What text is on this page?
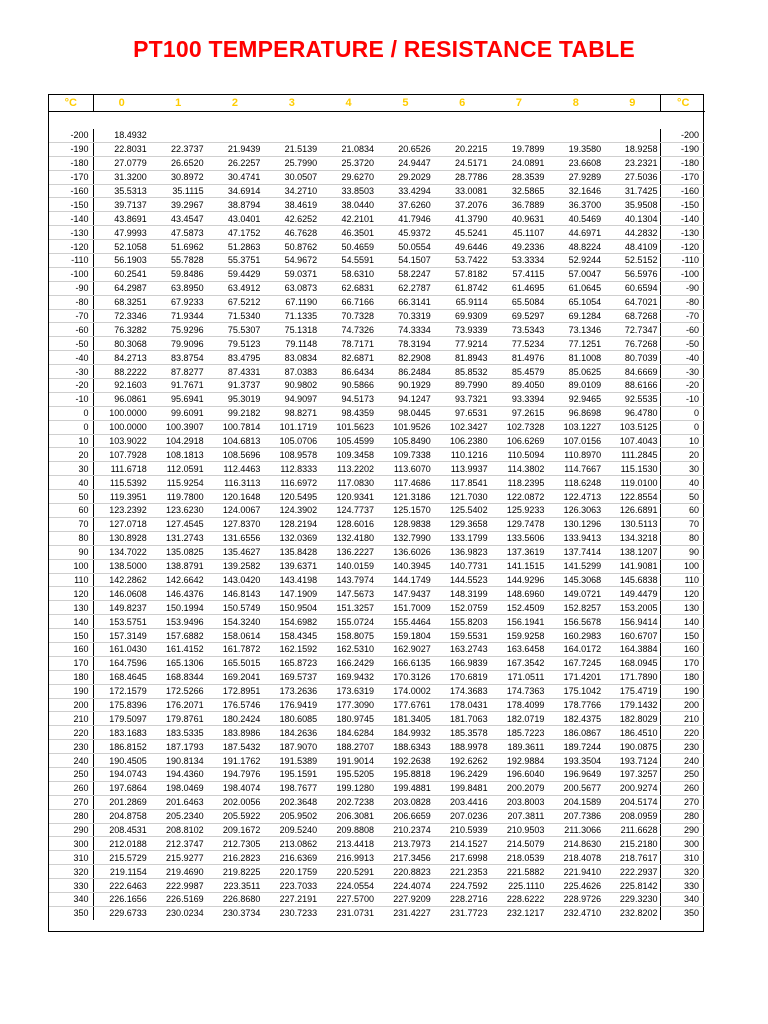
PT100 TEMPERATURE / RESISTANCE TABLE
°C	0	1	2	3	4	5	6	7	8	9	°C

-200	18.4932										-200
-190	22.8031	22.3737	21.9439	21.5139	21.0834	20.6526	20.2215	19.7899	19.3580	18.9258	-190
-180	27.0779	26.6520	26.2257	25.7990	25.3720	24.9447	24.5171	24.0891	23.6608	23.2321	-180
-170	31.3200	30.8972	30.4741	30.0507	29.6270	29.2029	28.7786	28.3539	27.9289	27.5036	-170
-160	35.5313	35.1115	34.6914	34.2710	33.8503	33.4294	33.0081	32.5865	32.1646	31.7425	-160
-150	39.7137	39.2967	38.8794	38.4619	38.0440	37.6260	37.2076	36.7889	36.3700	35.9508	-150
-140	43.8691	43.4547	43.0401	42.6252	42.2101	41.7946	41.3790	40.9631	40.5469	40.1304	-140
-130	47.9993	47.5873	47.1752	46.7628	46.3501	45.9372	45.5241	45.1107	44.6971	44.2832	-130
-120	52.1058	51.6962	51.2863	50.8762	50.4659	50.0554	49.6446	49.2336	48.8224	48.4109	-120
-110	56.1903	55.7828	55.3751	54.9672	54.5591	54.1507	53.7422	53.3334	52.9244	52.5152	-110
-100	60.2541	59.8486	59.4429	59.0371	58.6310	58.2247	57.8182	57.4115	57.0047	56.5976	-100
-90	64.2987	63.8950	63.4912	63.0873	62.6831	62.2787	61.8742	61.4695	61.0645	60.6594	-90
-80	68.3251	67.9233	67.5212	67.1190	66.7166	66.3141	65.9114	65.5084	65.1054	64.7021	-80
-70	72.3346	71.9344	71.5340	71.1335	70.7328	70.3319	69.9309	69.5297	69.1284	68.7268	-70
-60	76.3282	75.9296	75.5307	75.1318	74.7326	74.3334	73.9339	73.5343	73.1346	72.7347	-60
-50	80.3068	79.9096	79.5123	79.1148	78.7171	78.3194	77.9214	77.5234	77.1251	76.7268	-50
-40	84.2713	83.8754	83.4795	83.0834	82.6871	82.2908	81.8943	81.4976	81.1008	80.7039	-40
-30	88.2222	87.8277	87.4331	87.0383	86.6434	86.2484	85.8532	85.4579	85.0625	84.6669	-30
-20	92.1603	91.7671	91.3737	90.9802	90.5866	90.1929	89.7990	89.4050	89.0109	88.6166	-20
-10	96.0861	95.6941	95.3019	94.9097	94.5173	94.1247	93.7321	93.3394	92.9465	92.5535	-10
0	100.0000	99.6091	99.2182	98.8271	98.4359	98.0445	97.6531	97.2615	96.8698	96.4780	0
0	100.0000	100.3907	100.7814	101.1719	101.5623	101.9526	102.3427	102.7328	103.1227	103.5125	0
10	103.9022	104.2918	104.6813	105.0706	105.4599	105.8490	106.2380	106.6269	107.0156	107.4043	10
20	107.7928	108.1813	108.5696	108.9578	109.3458	109.7338	110.1216	110.5094	110.8970	111.2845	20
30	111.6718	112.0591	112.4463	112.8333	113.2202	113.6070	113.9937	114.3802	114.7667	115.1530	30
40	115.5392	115.9254	116.3113	116.6972	117.0830	117.4686	117.8541	118.2395	118.6248	119.0100	40
50	119.3951	119.7800	120.1648	120.5495	120.9341	121.3186	121.7030	122.0872	122.4713	122.8554	50
60	123.2392	123.6230	124.0067	124.3902	124.7737	125.1570	125.5402	125.9233	126.3063	126.6891	60
70	127.0718	127.4545	127.8370	128.2194	128.6016	128.9838	129.3658	129.7478	130.1296	130.5113	70
80	130.8928	131.2743	131.6556	132.0369	132.4180	132.7990	133.1799	133.5606	133.9413	134.3218	80
90	134.7022	135.0825	135.4627	135.8428	136.2227	136.6026	136.9823	137.3619	137.7414	138.1207	90
100	138.5000	138.8791	139.2582	139.6371	140.0159	140.3945	140.7731	141.1515	141.5299	141.9081	100
110	142.2862	142.6642	143.0420	143.4198	143.7974	144.1749	144.5523	144.9296	145.3068	145.6838	110
120	146.0608	146.4376	146.8143	147.1909	147.5673	147.9437	148.3199	148.6960	149.0721	149.4479	120
130	149.8237	150.1994	150.5749	150.9504	151.3257	151.7009	152.0759	152.4509	152.8257	153.2005	130
140	153.5751	153.9496	154.3240	154.6982	155.0724	155.4464	155.8203	156.1941	156.5678	156.9414	140
150	157.3149	157.6882	158.0614	158.4345	158.8075	159.1804	159.5531	159.9258	160.2983	160.6707	150
160	161.0430	161.4152	161.7872	162.1592	162.5310	162.9027	163.2743	163.6458	164.0172	164.3884	160
170	164.7596	165.1306	165.5015	165.8723	166.2429	166.6135	166.9839	167.3542	167.7245	168.0945	170
180	168.4645	168.8344	169.2041	169.5737	169.9432	170.3126	170.6819	171.0511	171.4201	171.7890	180
190	172.1579	172.5266	172.8951	173.2636	173.6319	174.0002	174.3683	174.7363	175.1042	175.4719	190
200	175.8396	176.2071	176.5746	176.9419	177.3090	177.6761	178.0431	178.4099	178.7766	179.1432	200
210	179.5097	179.8761	180.2424	180.6085	180.9745	181.3405	181.7063	182.0719	182.4375	182.8029	210
220	183.1683	183.5335	183.8986	184.2636	184.6284	184.9932	185.3578	185.7223	186.0867	186.4510	220
230	186.8152	187.1793	187.5432	187.9070	188.2707	188.6343	188.9978	189.3611	189.7244	190.0875	230
240	190.4505	190.8134	191.1762	191.5389	191.9014	192.2638	192.6262	192.9884	193.3504	193.7124	240
250	194.0743	194.4360	194.7976	195.1591	195.5205	195.8818	196.2429	196.6040	196.9649	197.3257	250
260	197.6864	198.0469	198.4074	198.7677	199.1280	199.4881	199.8481	200.2079	200.5677	200.9274	260
270	201.2869	201.6463	202.0056	202.3648	202.7238	203.0828	203.4416	203.8003	204.1589	204.5174	270
280	204.8758	205.2340	205.5922	205.9502	206.3081	206.6659	207.0236	207.3811	207.7386	208.0959	280
290	208.4531	208.8102	209.1672	209.5240	209.8808	210.2374	210.5939	210.9503	211.3066	211.6628	290
300	212.0188	212.3747	212.7305	213.0862	213.4418	213.7973	214.1527	214.5079	214.8630	215.2180	300
310	215.5729	215.9277	216.2823	216.6369	216.9913	217.3456	217.6998	218.0539	218.4078	218.7617	310
320	219.1154	219.4690	219.8225	220.1759	220.5291	220.8823	221.2353	221.5882	221.9410	222.2937	320
330	222.6463	222.9987	223.3511	223.7033	224.0554	224.4074	224.7592	225.1110	225.4626	225.8142	330
340	226.1656	226.5169	226.8680	227.2191	227.5700	227.9209	228.2716	228.6222	228.9726	229.3230	340
350	229.6733	230.0234	230.3734	230.7233	231.0731	231.4227	231.7723	232.1217	232.4710	232.8202	350
